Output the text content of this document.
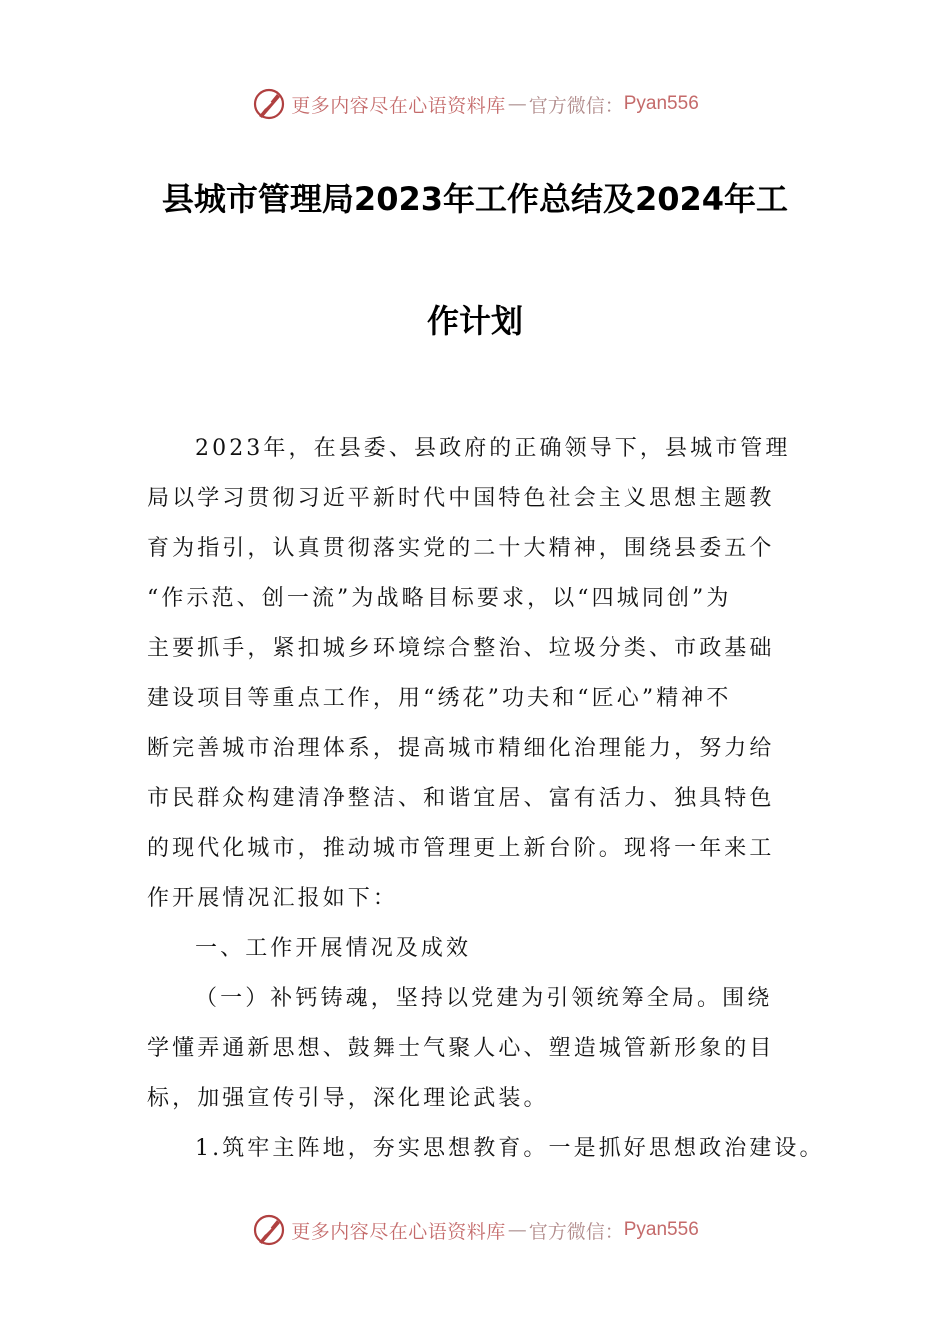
更多内容尽在心语资料库 — 官方微信： Pyan556
县城市管理局2023年工作总结及2024年工
作计划
2023年，在县委、县政府的正确领导下，县城市管理
局以学习贯彻习近平新时代中国特色社会主义思想主题教
育为指引，认真贯彻落实党的二十大精神，围绕县委五个
“作示范、创一流”为战略目标要求，以“四城同创”为
主要抓手，紧扣城乡环境综合整治、垃圾分类、市政基础
建设项目等重点工作，用“绣花”功夫和“匠心”精神不
断完善城市治理体系，提高城市精细化治理能力，努力给
市民群众构建清净整洁、和谐宜居、富有活力、独具特色
的现代化城市，推动城市管理更上新台阶。现将一年来工
作开展情况汇报如下：
一、工作开展情况及成效
（一）补钙铸魂，坚持以党建为引领统筹全局。围绕
学懂弄通新思想、鼓舞士气聚人心、塑造城管新形象的目
标，加强宣传引导，深化理论武装。
1.筑牢主阵地，夯实思想教育。一是抓好思想政治建设。
更多内容尽在心语资料库 — 官方微信： Pyan556
